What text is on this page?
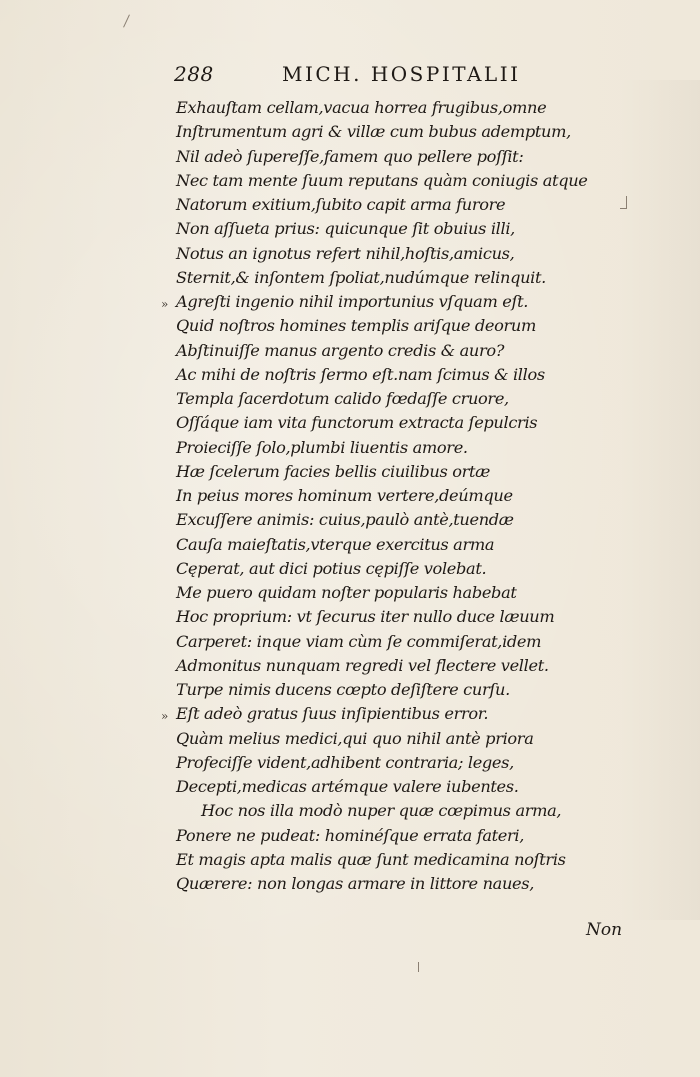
288	MICH. HOSPITALII
Exhauſtam cellam,vacua horrea frugibus,omne
Inſtrumentum agri & villæ cum bubus ademptum,
Nil adeò ſupereſſe,famem quo pellere poſſit:
Nec tam mente ſuum reputans quàm coniugis atque
Natorum exitium,ſubito capit arma furore
Non aſſueta prius: quicunque ſit obuius illi,
Notus an ignotus refert nihil,hoſtis,amicus,
Sternit,& inſontem ſpoliat,nudúmque relinquit.
Agreſti ingenio nihil importunius vſquam eſt.
»
Quid noſtros homines templis ariſque deorum
Abſtinuiſſe manus argento credis & auro?
Ac mihi de noſtris ſermo eſt.nam ſcimus & illos
Templa ſacerdotum calido fœdaſſe cruore,
Oſſáque iam vita functorum extracta ſepulcris
Proieciſſe ſolo,plumbi liuentis amore.
Hæ ſcelerum facies bellis ciuilibus ortæ
In peius mores hominum vertere,deúmque
Excuſſere animis: cuius,paulò antè,tuendæ
Cauſa maieſtatis,vterque exercitus arma
Cęperat, aut dici potius cępiſſe volebat.
Me puero quidam noſter popularis habebat
Hoc proprium: vt ſecurus iter nullo duce læuum
Carperet: inque viam cùm ſe commiſerat,idem
Admonitus nunquam regredi vel flectere vellet.
Turpe nimis ducens cœpto deſiſtere curſu.
Eſt adeò gratus ſuus inſipientibus error.
»
Quàm melius medici,qui quo nihil antè priora
Profeciſſe vident,adhibent contraria; leges,
Decepti,medicas artémque valere iubentes.
Hoc nos illa modò nuper quæ cœpimus arma,
Ponere ne pudeat: hominéſque errata fateri,
Et magis apta malis quæ ſunt medicamina noſtris
Quærere: non longas armare in littore naues,
Non
